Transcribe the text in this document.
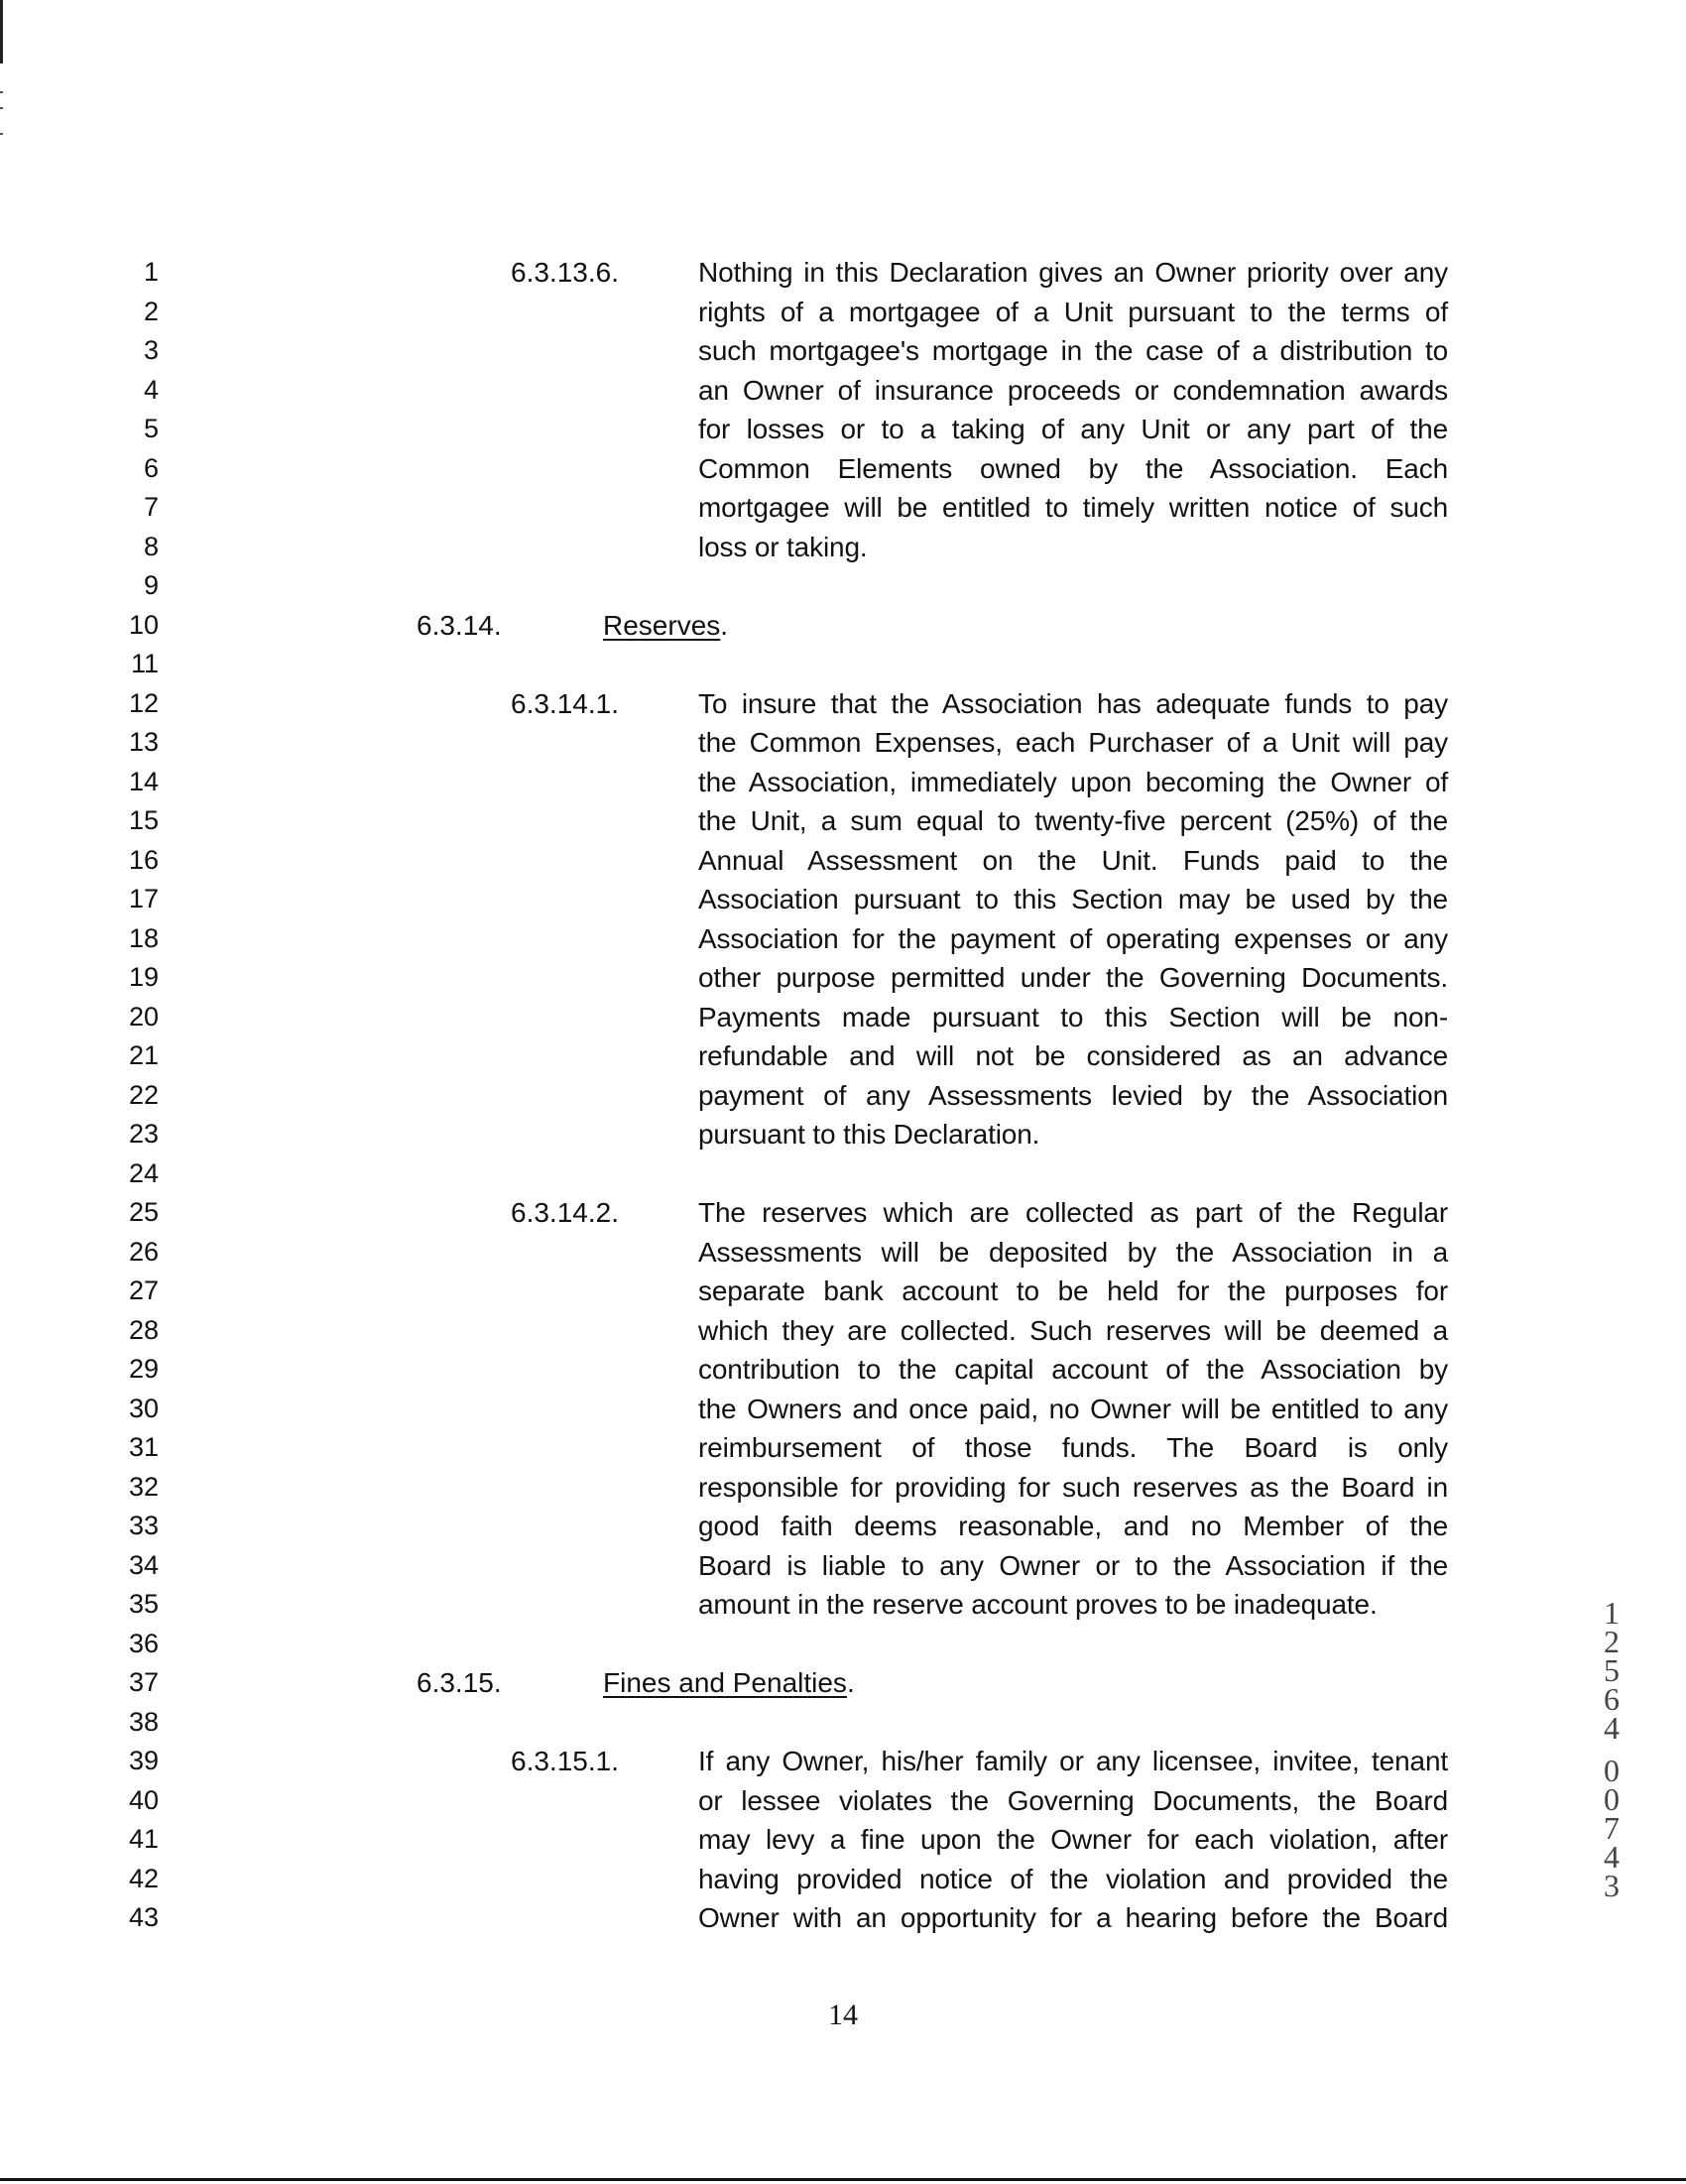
1
2
3
4
5
6
7
8
9
10
11
12
13
14
15
16
17
18
19
20
21
22
23
24
25
26
27
28
29
30
31
32
33
34
35
36
37
38
39
40
41
42
43
6.3.13.6.	Nothing in this Declaration gives an Owner priority over any
rights of a mortgagee of a Unit pursuant to the terms of
such mortgagee's mortgage in the case of a distribution to
an Owner of insurance proceeds or condemnation awards
for losses or to a taking of any Unit or any part of the
Common Elements owned by the Association. Each
mortgagee will be entitled to timely written notice of such
loss or taking.
6.3.14.	Reserves.
6.3.14.1.	To insure that the Association has adequate funds to pay
the Common Expenses, each Purchaser of a Unit will pay
the Association, immediately upon becoming the Owner of
the Unit, a sum equal to twenty-five percent (25%) of the
Annual Assessment on the Unit. Funds paid to the
Association pursuant to this Section may be used by the
Association for the payment of operating expenses or any
other purpose permitted under the Governing Documents.
Payments made pursuant to this Section will be non-
refundable and will not be considered as an advance
payment of any Assessments levied by the Association
pursuant to this Declaration.
6.3.14.2.	The reserves which are collected as part of the Regular
Assessments will be deposited by the Association in a
separate bank account to be held for the purposes for
which they are collected. Such reserves will be deemed a
contribution to the capital account of the Association by
the Owners and once paid, no Owner will be entitled to any
reimbursement of those funds. The Board is only
responsible for providing for such reserves as the Board in
good faith deems reasonable, and no Member of the
Board is liable to any Owner or to the Association if the
amount in the reserve account proves to be inadequate.
6.3.15.	Fines and Penalties.
6.3.15.1.	If any Owner, his/her family or any licensee, invitee, tenant
or lessee violates the Governing Documents, the Board
may levy a fine upon the Owner for each violation, after
having provided notice of the violation and provided the
Owner with an opportunity for a hearing before the Board
14
1
2
5
6
4

0
0
7
4
3
